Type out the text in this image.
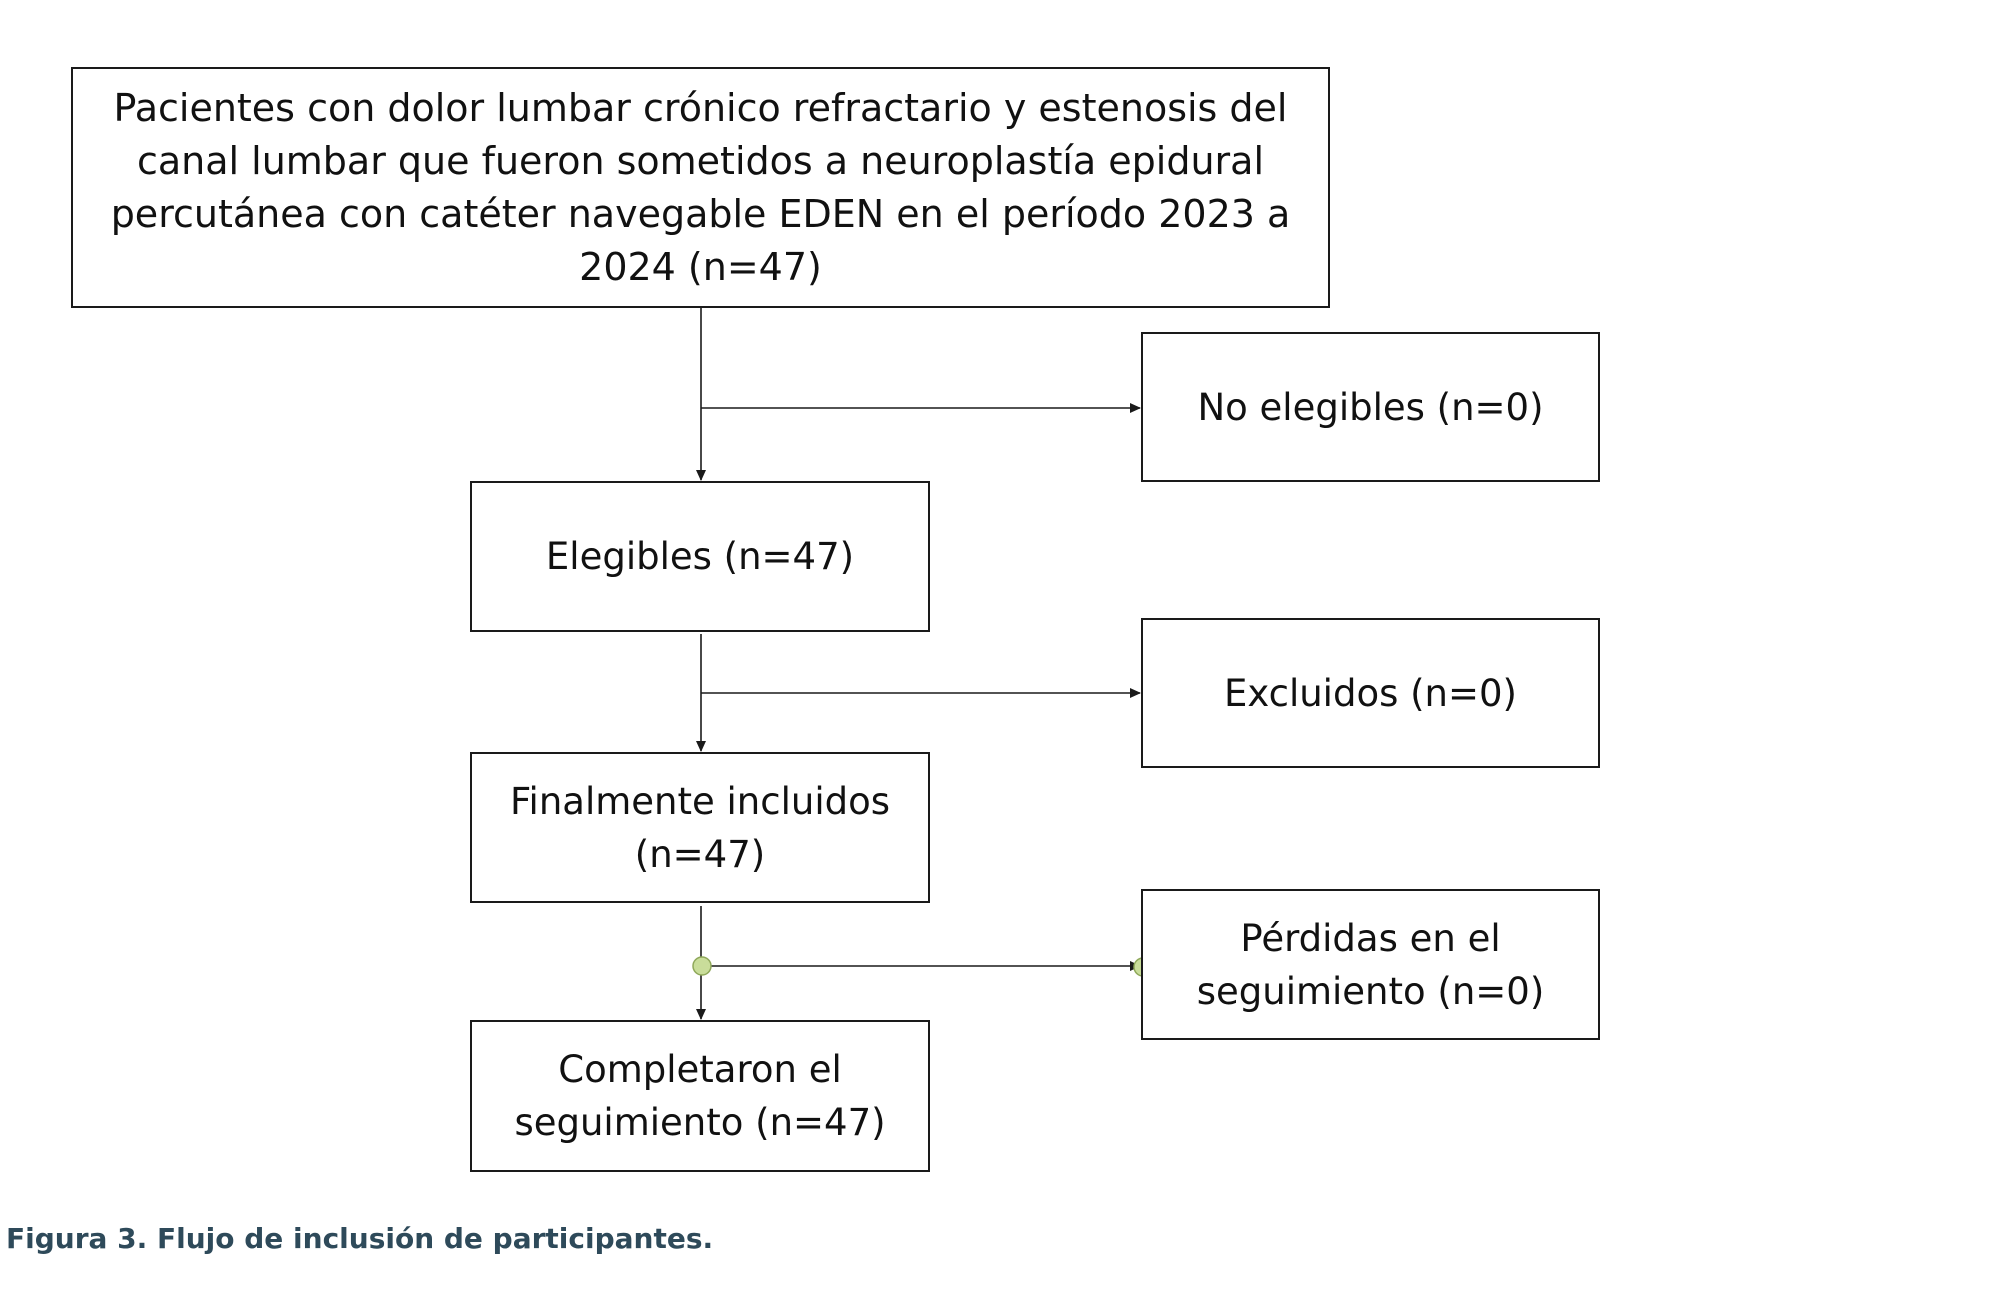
Pacientes con dolor lumbar crónico refractario y estenosis del canal lumbar que fueron sometidos a neuroplastía epidural percutánea con catéter navegable EDEN en el período 2023 a 2024 (n=47)
No elegibles (n=0)
Elegibles (n=47)
Excluidos (n=0)
Finalmente incluidos (n=47)
Pérdidas en el seguimiento (n=0)
Completaron el seguimiento (n=47)
Figura 3. Flujo de inclusión de participantes.
